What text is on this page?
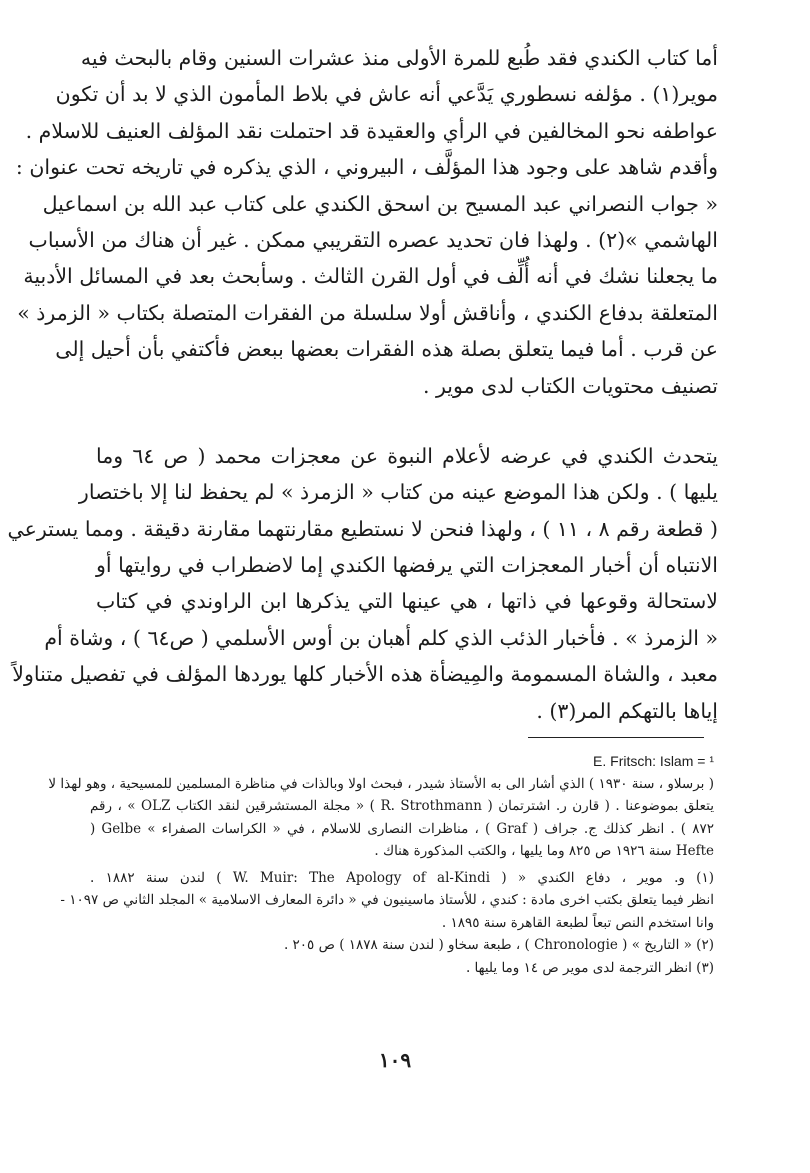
أما كتاب الكندي فقد طُبع للمرة الأولى منذ عشرات السنين وقام بالبحث فيه
موير(١) . مؤلفه نسطوري يَدَّعي أنه عاش في بلاط المأمون الذي لا بد أن تكون
عواطفه نحو المخالفين في الرأي والعقيدة قد احتملت نقد المؤلف العنيف للاسلام .
وأقدم شاهد على وجود هذا المؤلَّف ، البيروني ، الذي يذكره في تاريخه تحت عنوان :
« جواب النصراني عبد المسيح بن اسحق الكندي على كتاب عبد الله بن اسماعيل
الهاشمي »(٢) . ولهذا فان تحديد عصره التقريبي ممكن . غير أن هناك من الأسباب
ما يجعلنا نشك في أنه أُلِّف في أول القرن الثالث . وسأبحث بعد في المسائل الأدبية
المتعلقة بدفاع الكندي ، وأناقش أولا سلسلة من الفقرات المتصلة بكتاب « الزمرذ »
عن قرب . أما فيما يتعلق بصلة هذه الفقرات بعضها ببعض فأكتفي بأن أحيل إلى
تصنيف محتويات الكتاب لدى موير .
يتحدث الكندي في عرضه لأعلام النبوة عن معجزات محمد ( ص ٦٤ وما
يليها ) . ولكن هذا الموضع عينه من كتاب « الزمرذ » لم يحفظ لنا إلا باختصار
( قطعة رقم ٨ ، ١١ ) ، ولهذا فنحن لا نستطيع مقارنتهما مقارنة دقيقة . ومما يسترعي
الانتباه أن أخبار المعجزات التي يرفضها الكندي إما لاضطراب في روايتها أو
لاستحالة وقوعها في ذاتها ، هي عينها التي يذكرها ابن الراوندي في كتاب
« الزمرذ » . فأخبار الذئب الذي كلم أهبان بن أوس الأسلمي ( ص٦٤ ) ، وشاة أم
معبد ، والشاة المسمومة والمِيضأة هذه الأخبار كلها يوردها المؤلف في تفصيل متناولاً
إياها بالتهكم المر(٣) .
E. Fritsch: Islam = ¹
( برسلاو ، سنة ١٩٣٠ ) الذي أشار الى به الأستاذ شيدر ، فبحث اولا وبالذات في مناظرة المسلمين للمسيحية ، وهو لهذا لا
يتعلق بموضوعنا . ( قارن ر. اشترتمان ( R. Strothmann ) « مجلة المستشرقين لنقد الكتاب OLZ » ، رقم
٨٧٢ ) . انظر كذلك ج. جراف ( Graf ) ، مناظرات النصارى للاسلام ، في « الكراسات الصفراء » Gelbe (
Hefte سنة ١٩٢٦ ص ٨٢٥ وما يليها ، والكتب المذكورة هناك .
(١) و. موير ، دفاع الكندي « ( W. Muir: The Apology of al-Kindi ) لندن سنة ١٨٨٢ .
انظر فيما يتعلق بكتب اخرى مادة : كندي ، للأستاذ ماسينيون في « دائرة المعارف الاسلامية » المجلد الثاني ص ١٠٩٧ -
وانا استخدم النص تبعاً لطبعة القاهرة سنة ١٨٩٥ .
(٢) « التاريخ » ( Chronologie ) ، طبعة سخاو ( لندن سنة ١٨٧٨ ) ص ٢٠٥ .
(٣) انظر الترجمة لدى موير ص ١٤ وما يليها .
١٠٩
